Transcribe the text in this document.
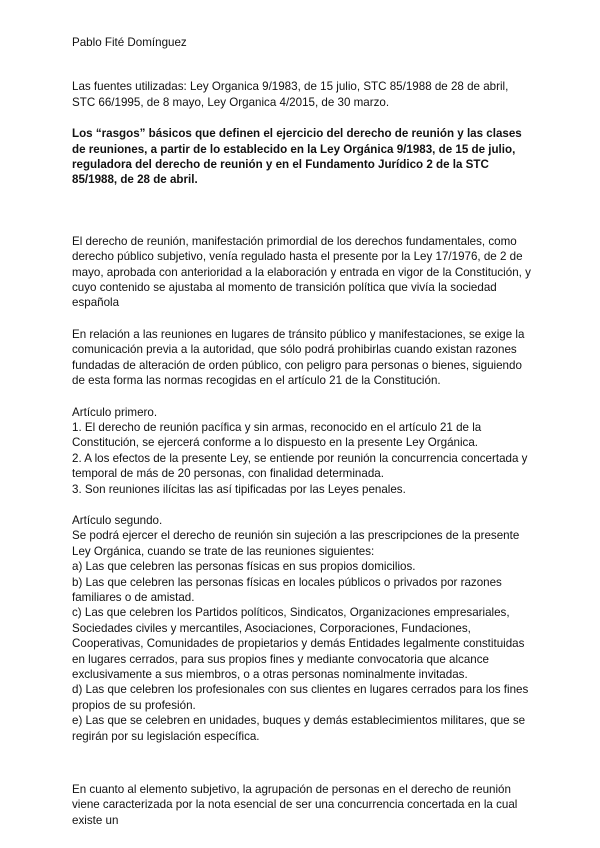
Pablo Fité Domínguez

Las fuentes utilizadas: Ley Organica 9/1983, de 15 julio, STC 85/1988 de 28 de abril, STC 66/1995, de 8 mayo, Ley Organica 4/2015, de 30 marzo.

Los “rasgos” básicos que definen el ejercicio del derecho de reunión y las clases de reuniones, a partir de lo establecido en la Ley Orgánica 9/1983, de 15 de julio, reguladora del derecho de reunión y en el Fundamento Jurídico 2 de la STC 85/1988, de 28 de abril.

El derecho de reunión, manifestación primordial de los derechos fundamentales, como derecho público subjetivo, venía regulado hasta el presente por la Ley 17/1976, de 2 de mayo, aprobada con anterioridad a la elaboración y entrada en vigor de la Constitución, y cuyo contenido se ajustaba al momento de transición política que vivía la sociedad española

En relación a las reuniones en lugares de tránsito público y manifestaciones, se exige la comunicación previa a la autoridad, que sólo podrá prohibirlas cuando existan razones fundadas de alteración de orden público, con peligro para personas o bienes, siguiendo de esta forma las normas recogidas en el artículo 21 de la Constitución.

Artículo primero.
1. El derecho de reunión pacífica y sin armas, reconocido en el artículo 21 de la Constitución, se ejercerá conforme a lo dispuesto en la presente Ley Orgánica.
2. A los efectos de la presente Ley, se entiende por reunión la concurrencia concertada y temporal de más de 20 personas, con finalidad determinada.
3. Son reuniones ilícitas las así tipificadas por las Leyes penales.
Artículo segundo.
Se podrá ejercer el derecho de reunión sin sujeción a las prescripciones de la presente Ley Orgánica, cuando se trate de las reuniones siguientes:
a) Las que celebren las personas físicas en sus propios domicilios.
b) Las que celebren las personas físicas en locales públicos o privados por razones familiares o de amistad.
c) Las que celebren los Partidos políticos, Sindicatos, Organizaciones empresariales, Sociedades civiles y mercantiles, Asociaciones, Corporaciones, Fundaciones, Cooperativas, Comunidades de propietarios y demás Entidades legalmente constituidas en lugares cerrados, para sus propios fines y mediante convocatoria que alcance exclusivamente a sus miembros, o a otras personas nominalmente invitadas.
d) Las que celebren los profesionales con sus clientes en lugares cerrados para los fines propios de su profesión.
e) Las que se celebren en unidades, buques y demás establecimientos militares, que se regirán por su legislación específica.

En cuanto al elemento subjetivo, la agrupación de personas en el derecho de reunión viene caracterizada por la nota esencial de ser una concurrencia concertada en la cual existe un
